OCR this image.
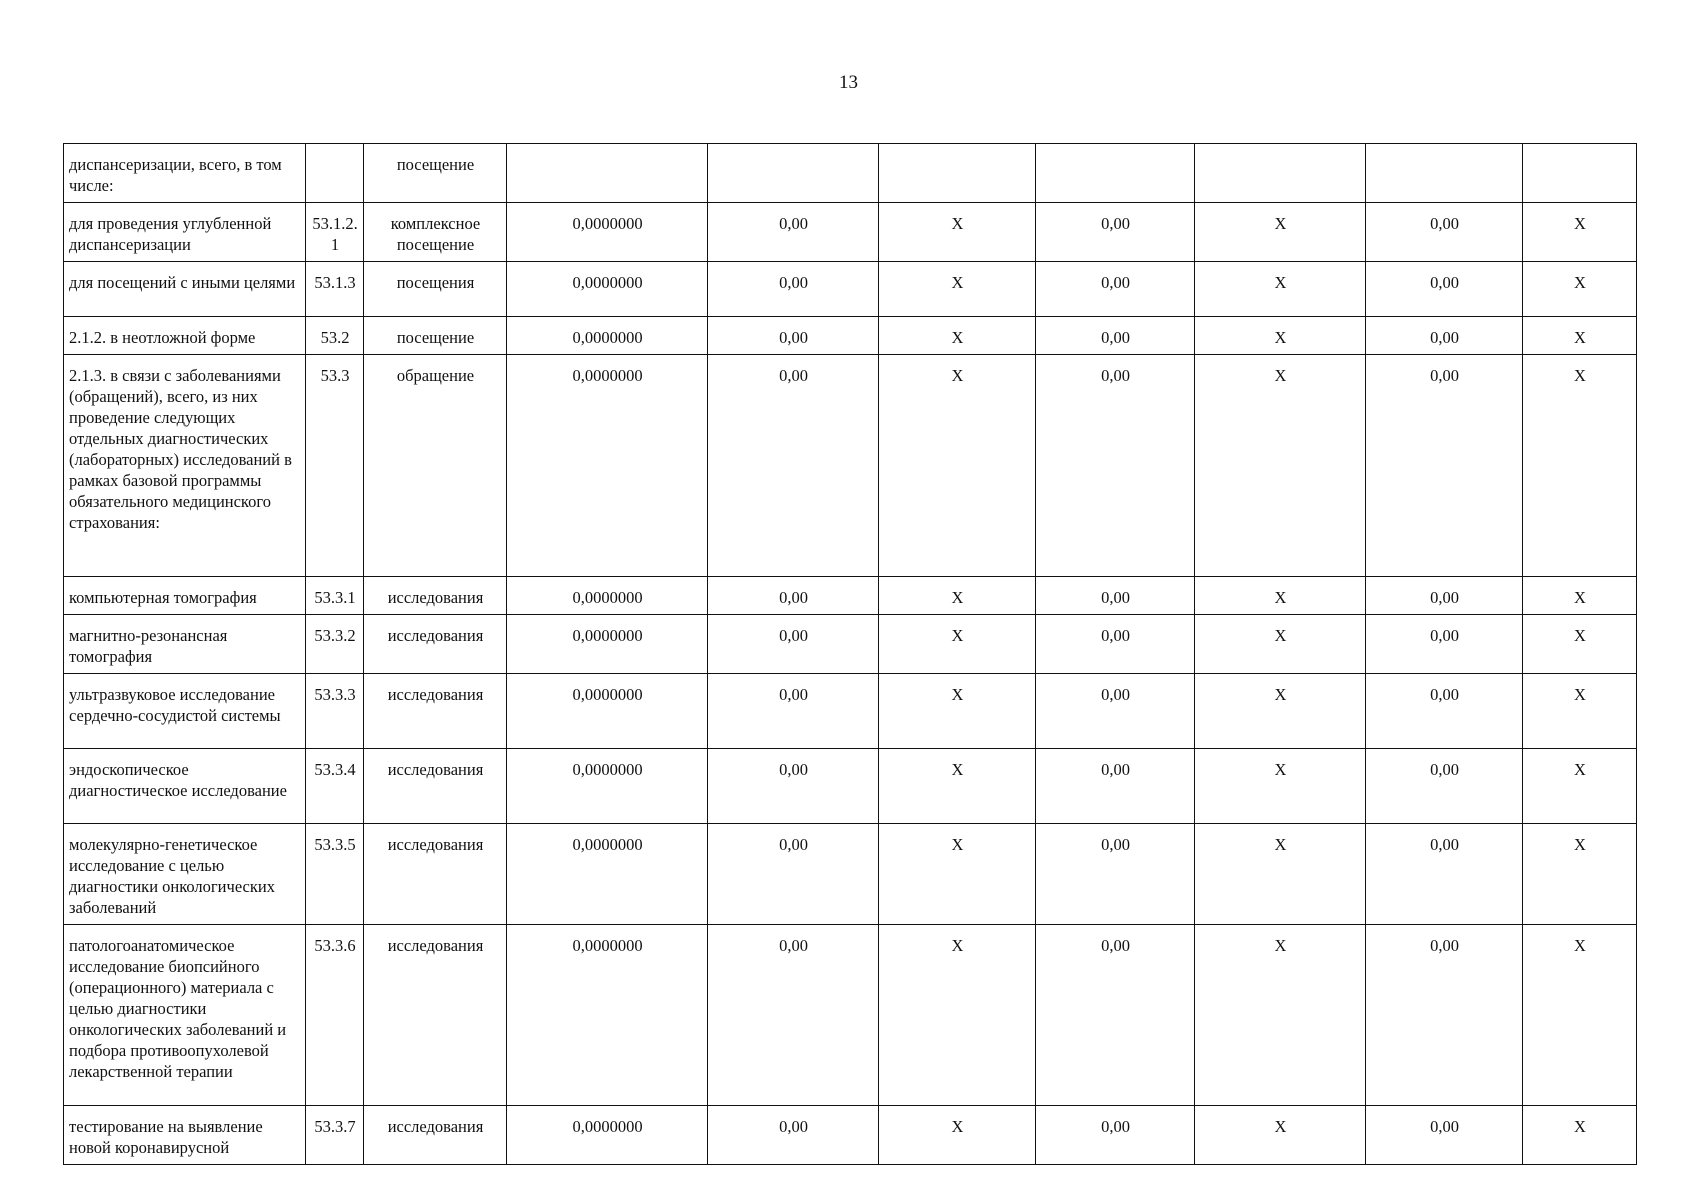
13
диспансеризации, всего, в том числе:		посещение							
для проведения углубленной диспансеризации	53.1.2.1	комплексное посещение	0,0000000	0,00	X	0,00	X	0,00	X
для посещений с иными целями	53.1.3	посещения	0,0000000	0,00	X	0,00	X	0,00	X
2.1.2. в неотложной форме	53.2	посещение	0,0000000	0,00	X	0,00	X	0,00	X
2.1.3. в связи с заболеваниями (обращений), всего, из них проведение следующих отдельных диагностических (лабораторных) исследований в рамках базовой программы обязательного медицинского страхования:	53.3	обращение	0,0000000	0,00	X	0,00	X	0,00	X
компьютерная томография	53.3.1	исследования	0,0000000	0,00	X	0,00	X	0,00	X
магнитно-резонансная томография	53.3.2	исследования	0,0000000	0,00	X	0,00	X	0,00	X
ультразвуковое исследование сердечно-сосудистой системы	53.3.3	исследования	0,0000000	0,00	X	0,00	X	0,00	X
эндоскопическое диагностическое исследование	53.3.4	исследования	0,0000000	0,00	X	0,00	X	0,00	X
молекулярно-генетическое исследование с целью диагностики онкологических заболеваний	53.3.5	исследования	0,0000000	0,00	X	0,00	X	0,00	X
патологоанатомическое исследование биопсийного (операционного) материала с целью диагностики онкологических заболеваний и подбора противоопухолевой лекарственной терапии	53.3.6	исследования	0,0000000	0,00	X	0,00	X	0,00	X
тестирование на выявление новой коронавирусной	53.3.7	исследования	0,0000000	0,00	X	0,00	X	0,00	X
